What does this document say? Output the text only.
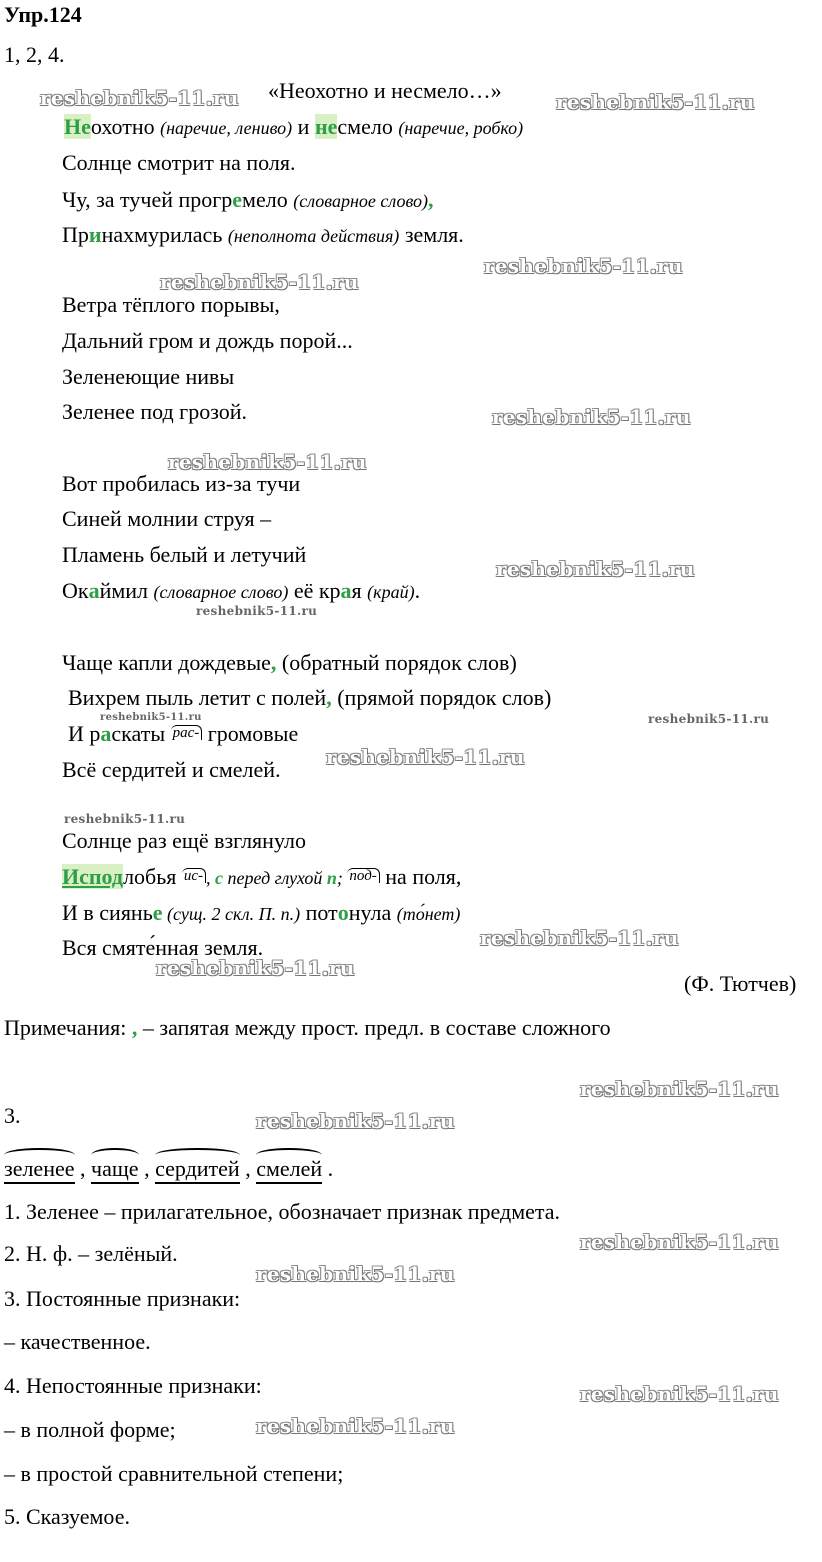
Упр.124
1, 2, 4.
«Неохотно и несмело…»
Неохотно (наречие, лениво) и несмело (наречие, робко)
Солнце смотрит на поля.
Чу, за тучей прогремело (словарное слово),
Принахмурилась (неполнота действия) земля.
Ветра тёплого порывы,
Дальний гром и дождь порой...
Зеленеющие нивы
Зеленее под грозой.
Вот пробилась из-за тучи
Синей молнии струя –
Пламень белый и летучий
Окаймил (словарное слово) её края (край).
Чаще капли дождевые, (обратный порядок слов)
Вихрем пыль летит с полей, (прямой порядок слов)
И раскаты рас- громовые
Всё сердитей и смелей.
Солнце раз ещё взглянуло
Исподлобья ис- , с перед глухой п; под- на поля,
И в сиянье (сущ. 2 скл. П. п.) потонула (то́нет)
Вся смяте́нная земля.
(Ф. Тютчев)
Примечания: , – запятая между прост. предл. в составе сложного
3.
зеленее , чаще , сердитей , смелей .
1. Зеленее – прилагательное, обозначает признак предмета.
2. Н. ф. – зелёный.
3. Постоянные признаки:
– качественное.
4. Непостоянные признаки:
– в полной форме;
– в простой сравнительной степени;
5. Сказуемое.
reshebnik5-11.ru	reshebnik5-11.ru
reshebnik5-11.ru
reshebnik5-11.ru
reshebnik5-11.ru
reshebnik5-11.ru
reshebnik5-11.ru
reshebnik5-11.ru
reshebnik5-11.ru
reshebnik5-11.ru
reshebnik5-11.ru
reshebnik5-11.ru
reshebnik5-11.ru
reshebnik5-11.ru
reshebnik5-11.ru
reshebnik5-11.ru
reshebnik5-11.ru
reshebnik5-11.ru
reshebnik5-11.ru
reshebnik5-11.ru
